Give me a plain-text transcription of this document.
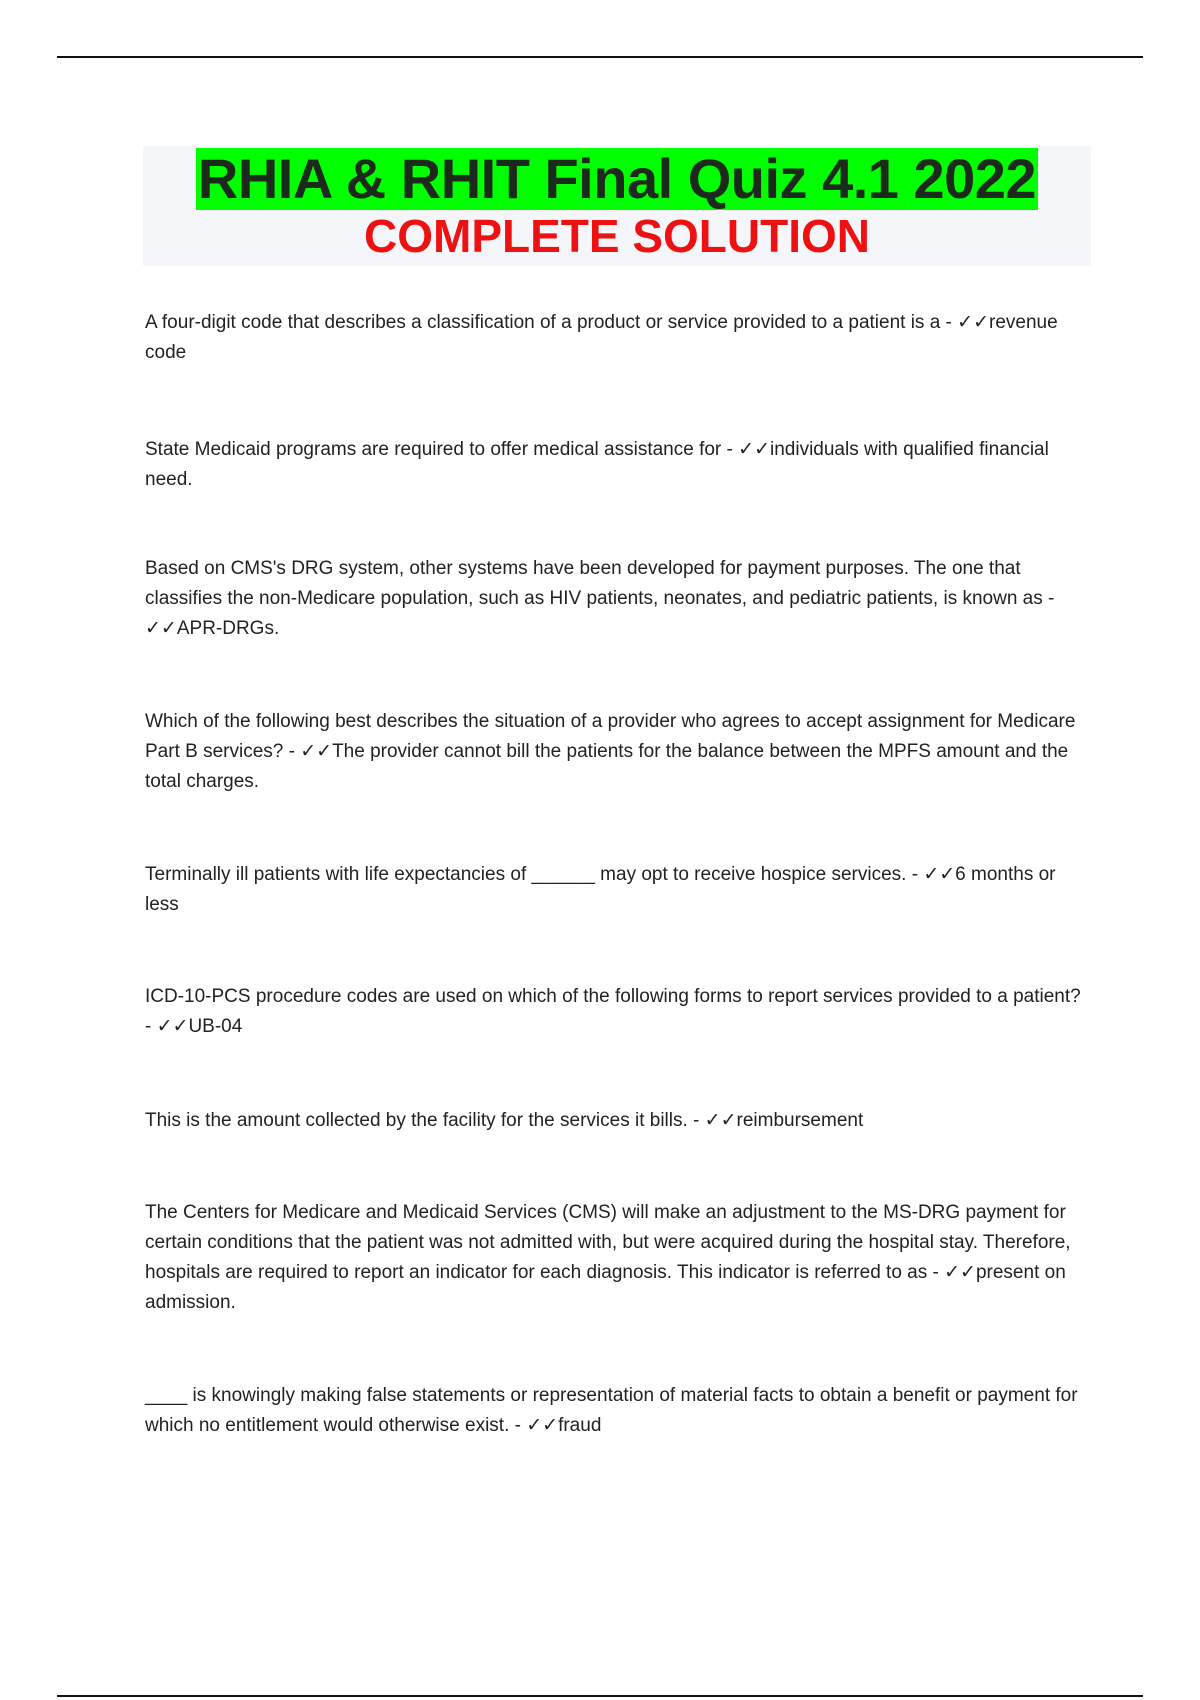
RHIA & RHIT Final Quiz 4.1 2022
COMPLETE SOLUTION

A four-digit code that describes a classification of a product or service provided to a patient is a - ✓✓revenue code

State Medicaid programs are required to offer medical assistance for - ✓✓individuals with qualified financial need.

Based on CMS's DRG system, other systems have been developed for payment purposes. The one that classifies the non-Medicare population, such as HIV patients, neonates, and pediatric patients, is known as - ✓✓APR-DRGs.

Which of the following best describes the situation of a provider who agrees to accept assignment for Medicare Part B services? - ✓✓The provider cannot bill the patients for the balance between the MPFS amount and the total charges.

Terminally ill patients with life expectancies of ______ may opt to receive hospice services. - ✓✓6 months or less

ICD-10-PCS procedure codes are used on which of the following forms to report services provided to a patient? - ✓✓UB-04

This is the amount collected by the facility for the services it bills. - ✓✓reimbursement

The Centers for Medicare and Medicaid Services (CMS) will make an adjustment to the MS-DRG payment for certain conditions that the patient was not admitted with, but were acquired during the hospital stay. Therefore, hospitals are required to report an indicator for each diagnosis. This indicator is referred to as - ✓✓present on admission.

____ is knowingly making false statements or representation of material facts to obtain a benefit or payment for which no entitlement would otherwise exist. - ✓✓fraud
